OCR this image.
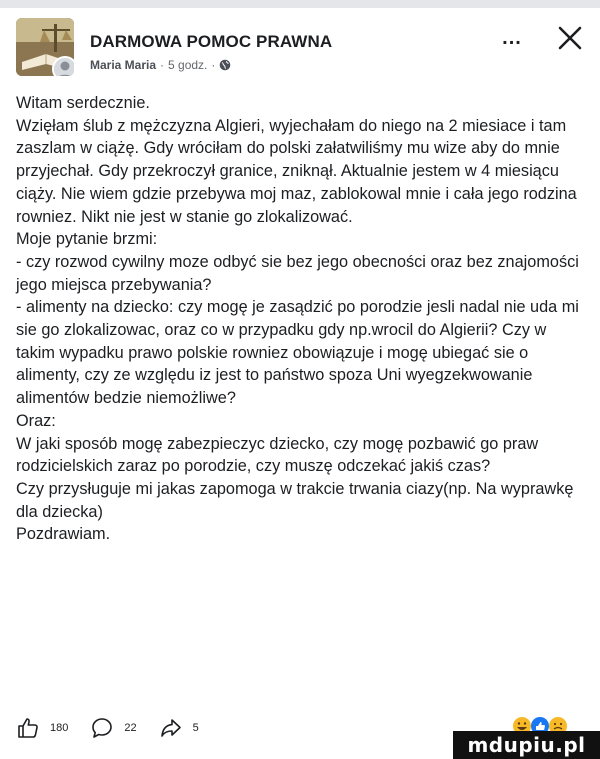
DARMOWA POMOC PRAWNA
Maria Maria · 5 godz. ·
...
Witam serdecznie.
Wzięłam ślub z mężczyzna Algieri, wyjechałam do niego na 2 miesiace i tam zaszlam w ciążę. Gdy wróciłam do polski załatwiliśmy mu wize aby do mnie przyjechał. Gdy przekroczył granice, zniknął. Aktualnie jestem w 4 miesiącu ciąży. Nie wiem gdzie przebywa moj maz, zablokowal mnie i cała jego rodzina rowniez. Nikt nie jest w stanie go zlokalizować.
Moje pytanie brzmi:
- czy rozwod cywilny moze odbyć sie bez jego obecności oraz bez znajomości jego miejsca przebywania?
- alimenty na dziecko: czy mogę je zasądzić po porodzie jesli nadal nie uda mi sie go zlokalizowac, oraz co w przypadku gdy np.wrocil do Algierii? Czy w takim wypadku prawo polskie rowniez obowiązuje i mogę ubiegać sie o alimenty, czy ze względu iz jest to państwo spoza Uni wyegzekwowanie alimentów bedzie niemożliwe?
Oraz:
W jaki sposób mogę zabezpieczyc dziecko, czy mogę pozbawić go praw rodzicielskich zaraz po porodzie, czy muszę odczekać jakiś czas?
Czy przysługuje mi jakas zapomoga w trakcie trwania ciazy(np. Na wyprawkę dla dziecka)
Pozdrawiam.
180	22	5
mdupiu.pl
